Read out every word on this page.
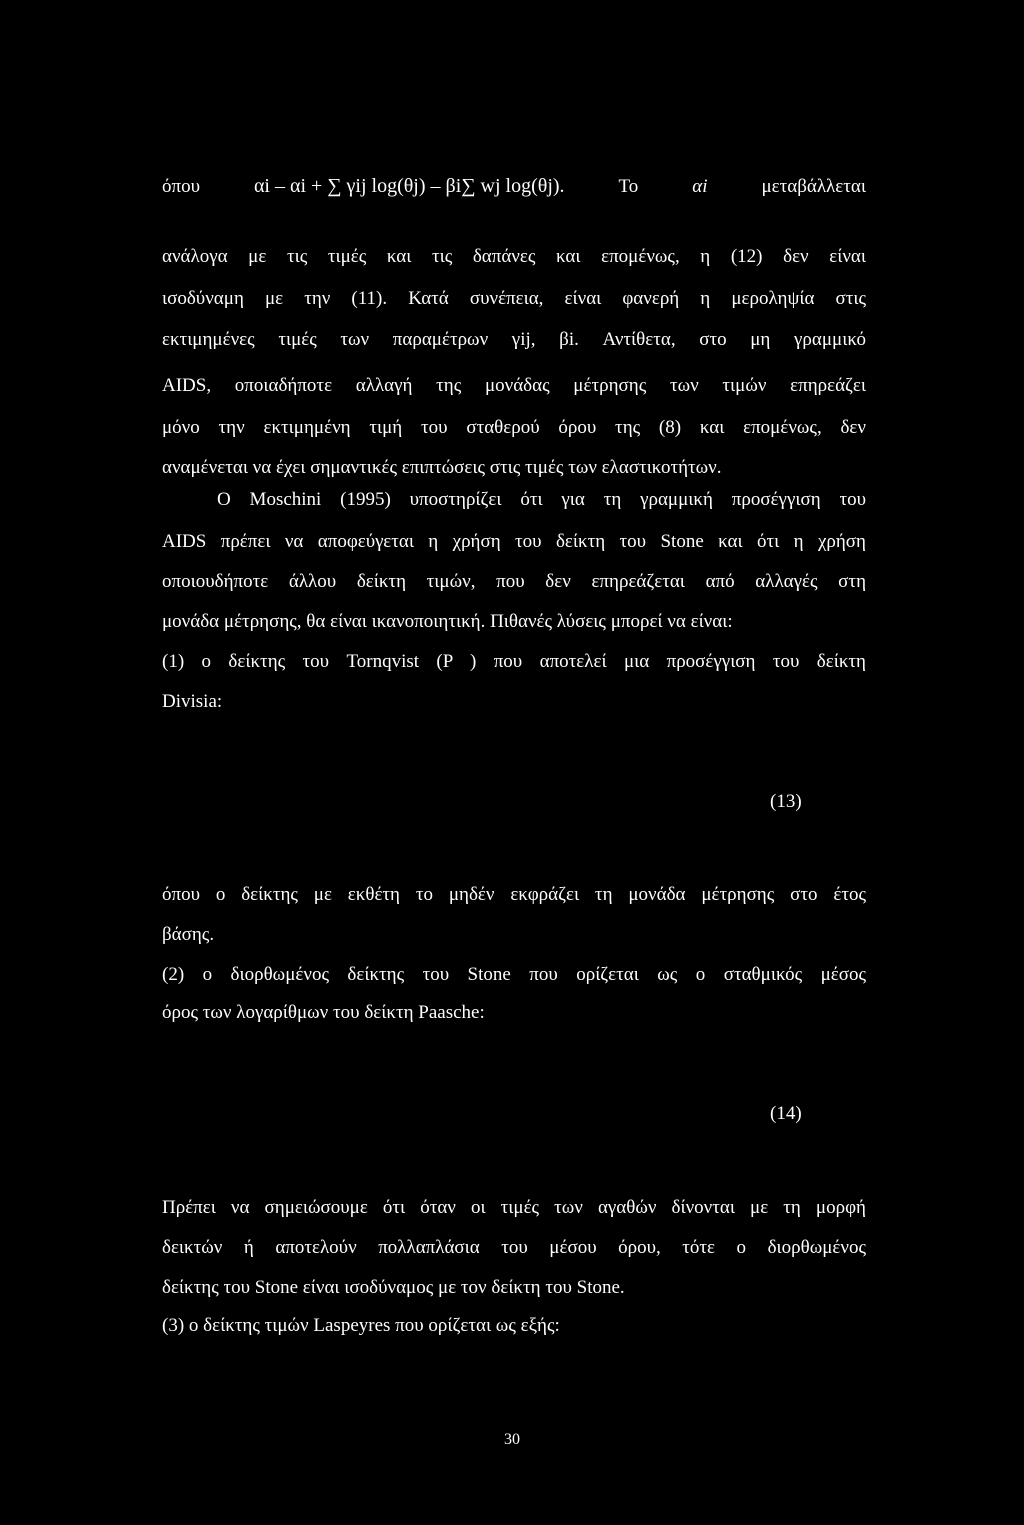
όπου	αi – αi + ∑ γij log(θj) – βi∑ wj log(θj).	Το	αi	μεταβάλλεται
ανάλογα με τις τιμές και τις δαπάνες και επομένως, η (12) δεν είναι
ισοδύναμη με την (11). Κατά συνέπεια, είναι φανερή η μεροληψία στις
εκτιμημένες τιμές των παραμέτρων γij, βi. Αντίθετα, στο μη γραμμικό
AIDS, οποιαδήποτε αλλαγή της μονάδας μέτρησης των τιμών επηρεάζει
μόνο την εκτιμημένη τιμή του σταθερού όρου της (8) και επομένως, δεν
αναμένεται να έχει σημαντικές επιπτώσεις στις τιμές των ελαστικοτήτων.
Ο Moschini (1995) υποστηρίζει ότι για τη γραμμική προσέγγιση του
AIDS πρέπει να αποφεύγεται η χρήση του δείκτη του Stone και ότι η χρήση
οποιουδήποτε άλλου δείκτη τιμών, που δεν επηρεάζεται από αλλαγές στη
μονάδα μέτρησης, θα είναι ικανοποιητική. Πιθανές λύσεις μπορεί να είναι:
(1) ο δείκτης του Tornqvist (P ) που αποτελεί μια προσέγγιση του δείκτη
Divisia:
(13)
όπου ο δείκτης με εκθέτη το μηδέν εκφράζει τη μονάδα μέτρησης στο έτος
βάσης.
(2) ο διορθωμένος δείκτης του Stone που ορίζεται ως ο σταθμικός μέσος
όρος των λογαρίθμων του δείκτη Paasche:
(14)
Πρέπει να σημειώσουμε ότι όταν οι τιμές των αγαθών δίνονται με τη μορφή
δεικτών ή αποτελούν πολλαπλάσια του μέσου όρου, τότε ο διορθωμένος
δείκτης του Stone είναι ισοδύναμος με τον δείκτη του Stone.
(3) ο δείκτης τιμών Laspeyres που ορίζεται ως εξής:
30
